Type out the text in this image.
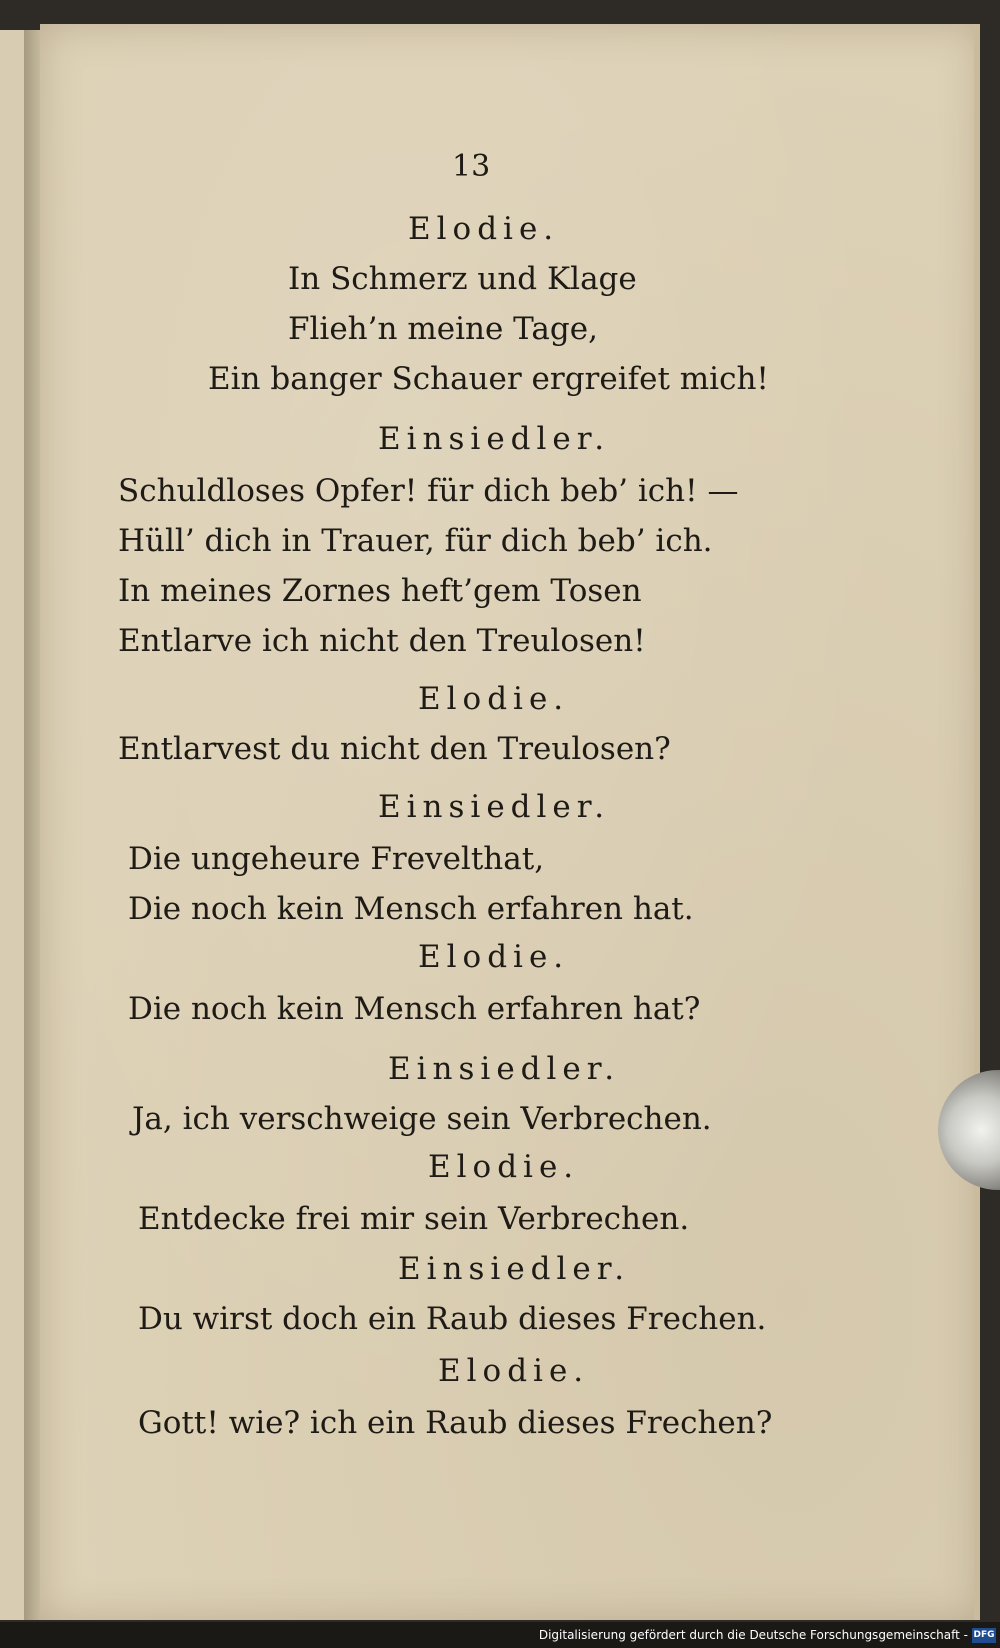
13
Elodie.
In Schmerz und Klage
Flieh’n meine Tage,
Ein banger Schauer ergreifet mich!
Einsiedler.
Schuldloses Opfer! für dich beb’ ich! —
Hüll’ dich in Trauer, für dich beb’ ich.
In meines Zornes heft’gem Tosen
Entlarve ich nicht den Treulosen!
Elodie.
Entlarvest du nicht den Treulosen?
Einsiedler.
Die ungeheure Frevelthat,
Die noch kein Mensch erfahren hat.
Elodie.
Die noch kein Mensch erfahren hat?
Einsiedler.
Ja, ich verschweige sein Verbrechen.
Elodie.
Entdecke frei mir sein Verbrechen.
Einsiedler.
Du wirst doch ein Raub dieses Frechen.
Elodie.
Gott! wie? ich ein Raub dieses Frechen?
Digitalisierung gefördert durch die Deutsche Forschungsgemeinschaft - DFG
